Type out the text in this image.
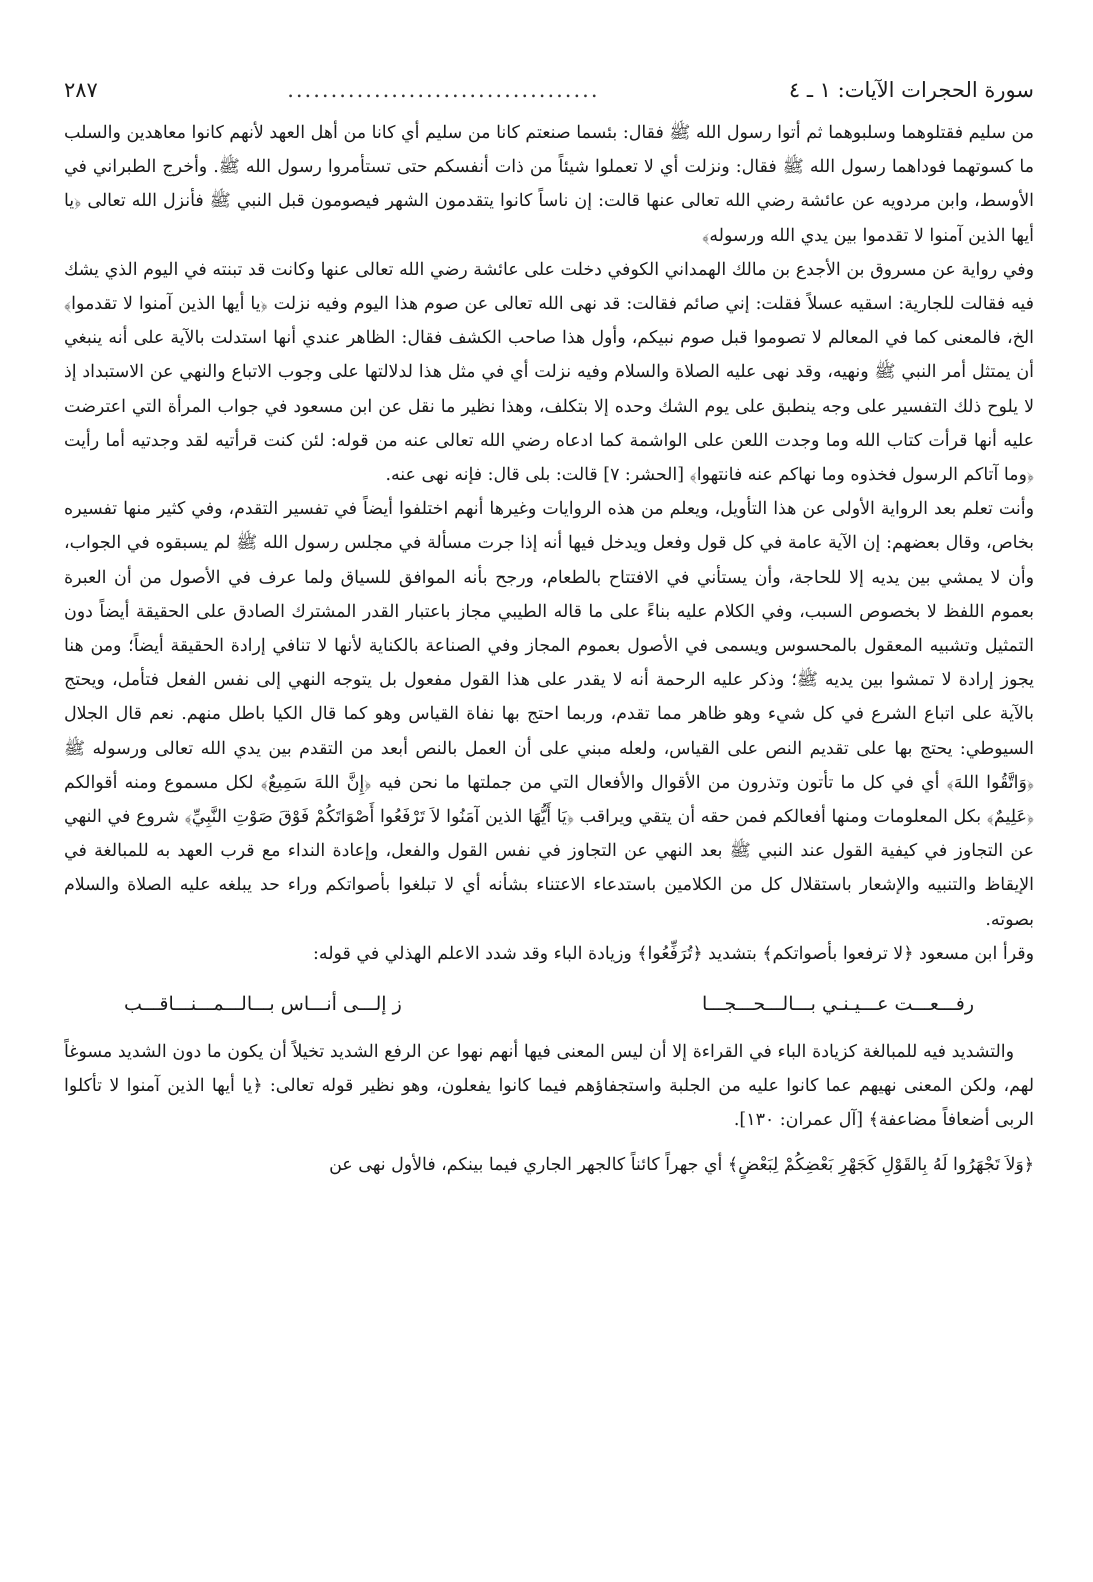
سورة الحجرات الآيات: ١ ـ ٤
....................................
٢٨٧

من سليم فقتلوهما وسلبوهما ثم أتوا رسول الله ﷺ فقال: بئسما صنعتم كانا من سليم أي كانا من أهل العهد لأنهم كانوا معاهدين والسلب ما كسوتهما فوداهما رسول الله ﷺ فقال: ونزلت أي لا تعملوا شيئاً من ذات أنفسكم حتى تستأمروا رسول الله ﷺ. وأخرج الطبراني في الأوسط، وابن مردويه عن عائشة رضي الله تعالى عنها قالت: إن ناساً كانوا يتقدمون الشهر فيصومون قبل النبي ﷺ فأنزل الله تعالى ﴿يا أيها الذين آمنوا لا تقدموا بين يدي الله ورسوله﴾

وفي رواية عن مسروق بن الأجدع بن مالك الهمداني الكوفي دخلت على عائشة رضي الله تعالى عنها وكانت قد تبنته في اليوم الذي يشك فيه فقالت للجارية: اسقيه عسلاً فقلت: إني صائم فقالت: قد نهى الله تعالى عن صوم هذا اليوم وفيه نزلت ﴿يا أيها الذين آمنوا لا تقدموا﴾ الخ، فالمعنى كما في المعالم لا تصوموا قبل صوم نبيكم، وأول هذا صاحب الكشف فقال: الظاهر عندي أنها استدلت بالآية على أنه ينبغي أن يمتثل أمر النبي ﷺ ونهيه، وقد نهى عليه الصلاة والسلام وفيه نزلت أي في مثل هذا لدلالتها على وجوب الاتباع والنهي عن الاستبداد إذ لا يلوح ذلك التفسير على وجه ينطبق على يوم الشك وحده إلا بتكلف، وهذا نظير ما نقل عن ابن مسعود في جواب المرأة التي اعترضت عليه أنها قرأت كتاب الله وما وجدت اللعن على الواشمة كما ادعاه رضي الله تعالى عنه من قوله: لئن كنت قرأتيه لقد وجدتيه أما رأيت ﴿وما آتاكم الرسول فخذوه وما نهاكم عنه فانتهوا﴾ [الحشر: ٧] قالت: بلى قال: فإنه نهى عنه.

وأنت تعلم بعد الرواية الأولى عن هذا التأويل، ويعلم من هذه الروايات وغيرها أنهم اختلفوا أيضاً في تفسير التقدم، وفي كثير منها تفسيره بخاص، وقال بعضهم: إن الآية عامة في كل قول وفعل ويدخل فيها أنه إذا جرت مسألة في مجلس رسول الله ﷺ لم يسبقوه في الجواب، وأن لا يمشي بين يديه إلا للحاجة، وأن يستأني في الافتتاح بالطعام، ورجح بأنه الموافق للسياق ولما عرف في الأصول من أن العبرة بعموم اللفظ لا بخصوص السبب، وفي الكلام عليه بناءً على ما قاله الطيبي مجاز باعتبار القدر المشترك الصادق على الحقيقة أيضاً دون التمثيل وتشبيه المعقول بالمحسوس ويسمى في الأصول بعموم المجاز وفي الصناعة بالكناية لأنها لا تنافي إرادة الحقيقة أيضاً؛ ومن هنا يجوز إرادة لا تمشوا بين يديه ﷺ؛ وذكر عليه الرحمة أنه لا يقدر على هذا القول مفعول بل يتوجه النهي إلى نفس الفعل فتأمل، ويحتج بالآية على اتباع الشرع في كل شيء وهو ظاهر مما تقدم، وربما احتج بها نفاة القياس وهو كما قال الكيا باطل منهم. نعم قال الجلال السيوطي: يحتج بها على تقديم النص على القياس، ولعله مبني على أن العمل بالنص أبعد من التقدم بين يدي الله تعالى ورسوله ﷺ ﴿وَاتَّقُوا اللهَ﴾ أي في كل ما تأتون وتذرون من الأقوال والأفعال التي من جملتها ما نحن فيه ﴿إِنَّ اللهَ سَمِيعٌ﴾ لكل مسموع ومنه أقوالكم ﴿عَلِيمٌ﴾ بكل المعلومات ومنها أفعالكم فمن حقه أن يتقي ويراقب ﴿يَا أَيُّهَا الذين آمَنُوا لاَ تَرْفَعُوا أَصْوَاتَكُمْ فَوْقَ صَوْتِ النَّبِيِّ﴾ شروع في النهي عن التجاوز في كيفية القول عند النبي ﷺ بعد النهي عن التجاوز في نفس القول والفعل، وإعادة النداء مع قرب العهد به للمبالغة في الإيقاظ والتنبيه والإشعار باستقلال كل من الكلامين باستدعاء الاعتناء بشأنه أي لا تبلغوا بأصواتكم وراء حد يبلغه عليه الصلاة والسلام بصوته.

وقرأ ابن مسعود ﴿لا ترفعوا بأصواتكم﴾ بتشديد ﴿تُرَفِّعُوا﴾ وزيادة الباء وقد شدد الاعلم الهذلي في قوله:

رفـــعـــت عـــيـنـي بـــالـــحـــجـــا
ز إلـــى أنـــاس بـــالـــمـــنـــاقـــب

والتشديد فيه للمبالغة كزيادة الباء في القراءة إلا أن ليس المعنى فيها أنهم نهوا عن الرفع الشديد تخيلاً أن يكون ما دون الشديد مسوغاً لهم، ولكن المعنى نهيهم عما كانوا عليه من الجلبة واستجفاؤهم فيما كانوا يفعلون، وهو نظير قوله تعالى: ﴿يا أيها الذين آمنوا لا تأكلوا الربى أضعافاً مضاعفة﴾ [آل عمران: ١٣٠].

﴿وَلاَ تَجْهَرُوا لَهُ بِالقَوْلِ كَجَهْرِ بَعْضِكُمْ لِبَعْضٍ﴾ أي جهراً كائناً كالجهر الجاري فيما بينكم، فالأول نهى عن
